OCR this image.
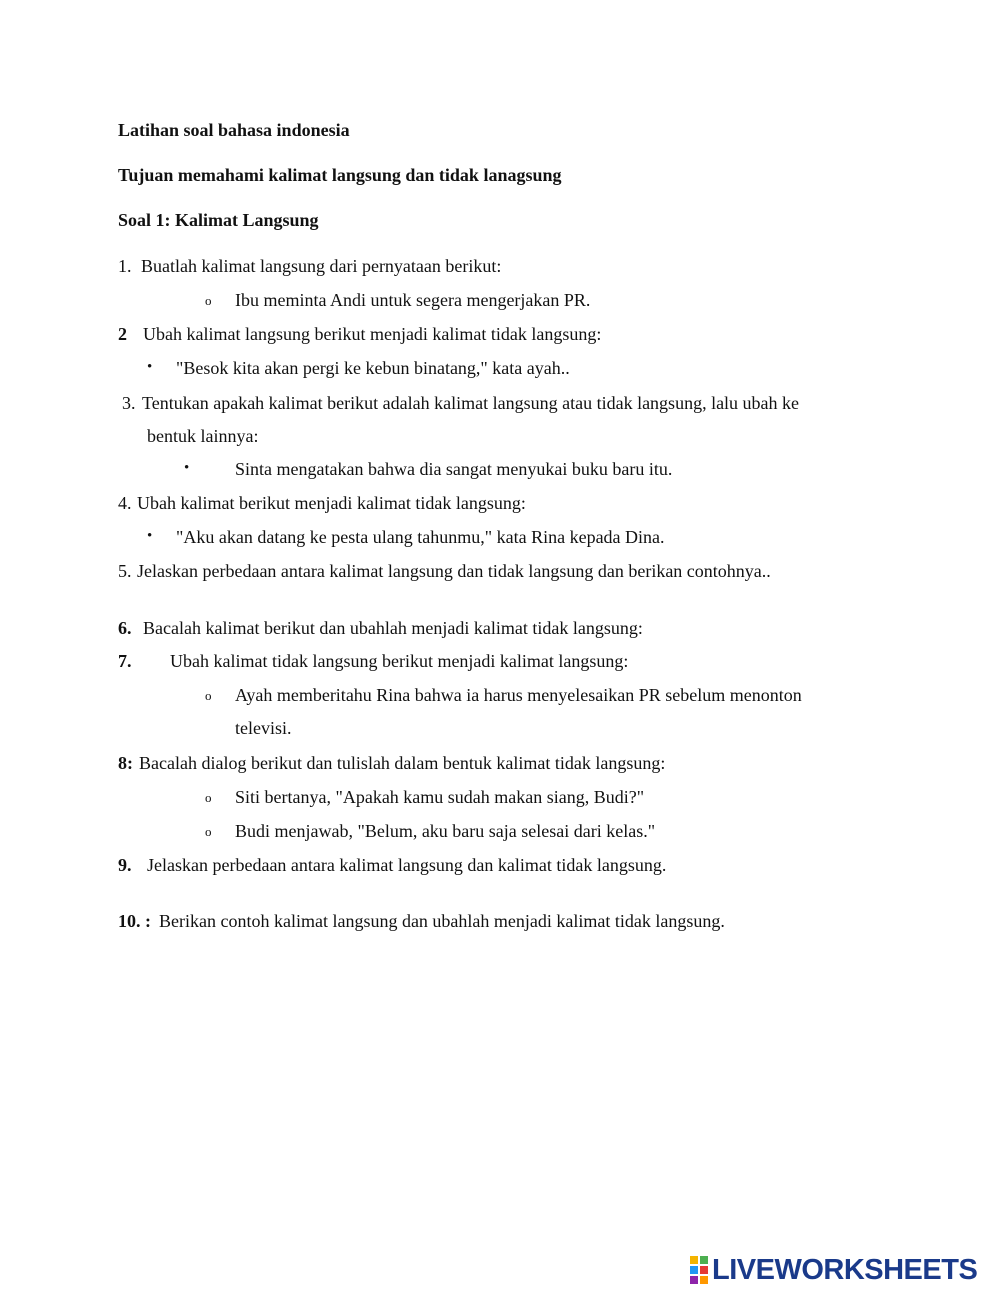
Latihan soal bahasa indonesia
Tujuan memahami kalimat langsung dan tidak lanagsung
Soal 1: Kalimat Langsung
1. Buatlah kalimat langsung dari pernyataan berikut:
o Ibu meminta Andi untuk segera mengerjakan PR.
2 Ubah kalimat langsung berikut menjadi kalimat tidak langsung:
• "Besok kita akan pergi ke kebun binatang," kata ayah..
3. Tentukan apakah kalimat berikut adalah kalimat langsung atau tidak langsung, lalu ubah ke
bentuk lainnya:
•	Sinta mengatakan bahwa dia sangat menyukai buku baru itu.
4. Ubah kalimat berikut menjadi kalimat tidak langsung:
• "Aku akan datang ke pesta ulang tahunmu," kata Rina kepada Dina.
5. Jelaskan perbedaan antara kalimat langsung dan tidak langsung dan berikan contohnya..
6. Bacalah kalimat berikut dan ubahlah menjadi kalimat tidak langsung:
7. Ubah kalimat tidak langsung berikut menjadi kalimat langsung:
o Ayah memberitahu Rina bahwa ia harus menyelesaikan PR sebelum menonton
televisi.
8: Bacalah dialog berikut dan tulislah dalam bentuk kalimat tidak langsung:
o Siti bertanya, "Apakah kamu sudah makan siang, Budi?"
o Budi menjawab, "Belum, aku baru saja selesai dari kelas."
9. Jelaskan perbedaan antara kalimat langsung dan kalimat tidak langsung.
10. : Berikan contoh kalimat langsung dan ubahlah menjadi kalimat tidak langsung.
LIVEWORKSHEETS
